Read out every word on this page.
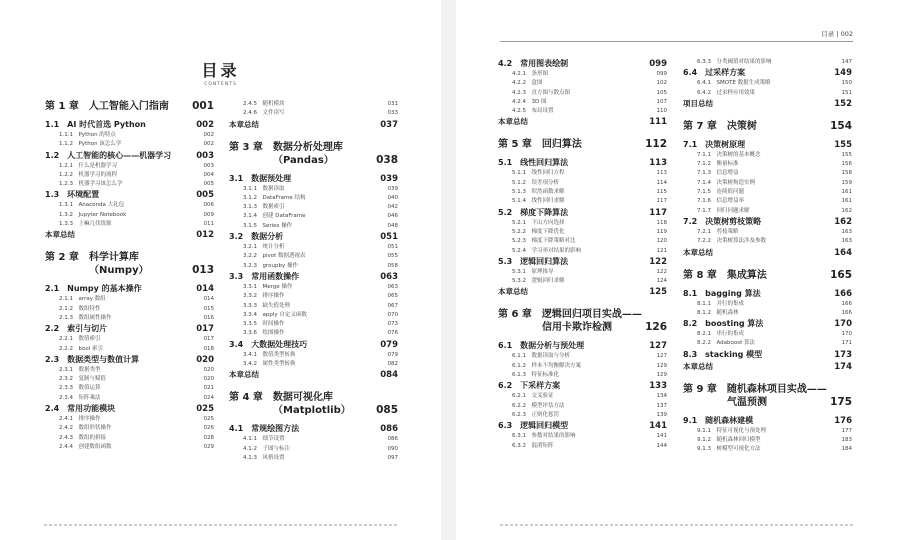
目录
CONTENTS
第 1 章　人工智能入门指南 001
1.1　AI 时代首选 Python	002
1.1.1　Python 的特点	002
1.1.2　Python 该怎么学	002
1.2　人工智能的核心——机器学习	003
1.2.1　什么是机器学习	003
1.2.2　机器学习的流程	004
1.2.3　机器学习该怎么学	005
1.3　环境配置	005
1.3.1　Anaconda 大礼包	006
1.3.2　Jupyter Notebook	009
1.3.3　上嘛几伐资源	011
本章总结	012
第 2 章　科学计算库
（Numpy）	013
2.1　Numpy 的基本操作	014
2.1.1　array 数组	014
2.1.2　数组特性	015
2.1.3　数组属性操作	016
2.2　索引与切片	017
2.2.1　数值索引	017
2.2.2　bool 索引	018
2.3　数据类型与数值计算	020
2.3.1　数据类型	020
2.3.2　复制与赋值	020
2.3.3　数值运算	021
2.3.4　矩阵乘法	024
2.4　常用功能模块	025
2.4.1　排序操作	025
2.4.2　数组形状操作	026
2.4.3　数组的拼接	028
2.4.4　创建数组函数	029
2.4.5　随机模块	031
2.4.6　文件读写	033
本章总结	037
第 3 章　数据分析处理库
（Pandas）	038
3.1　数据预处理	039
3.1.1　数据读取	039
3.1.2　DataFrame 结构	040
3.1.3　数据索引	042
3.1.4　创建 DataFrame	046
3.1.5　Series 操作	048
3.2　数据分析	051
3.2.1　统计分析	051
3.2.2　pivot 数据透视表	055
3.2.3　groupby 操作	058
3.3　常用函数操作	063
3.3.1　Merge 操作	063
3.3.2　排序操作	065
3.3.3　缺失值处理	067
3.3.4　apply 自定义函数	070
3.3.5　时间操作	073
3.3.6　绘图操作	076
3.4　大数据处理技巧	079
3.4.1　数值类型转换	079
3.4.2　属性类型转换	082
本章总结	084
第 4 章　数据可视化库
（Matplotlib） 085
4.1　常规绘图方法	086
4.1.1　细节设置	086
4.1.2　子图与标注	090
4.1.3　风格设置	097
目录 | 002
4.2　常用图表绘制	099
4.2.1　条形图	099
4.2.2　盒图	102
4.2.3　直方图与散点图	105
4.2.4　3D 图	107
4.2.5　布局设置	110
本章总结	111
第 5 章　回归算法	112
5.1　线性回归算法	113
5.1.1　线性回归方程	113
5.1.2　误差项分析	114
5.1.3　似然函数求解	115
5.1.4　线性回归求解	117
5.2　梯度下降算法	117
5.2.1　下山方向选择	118
5.2.2　梯度下降优化	119
5.2.3　梯度下降策略对比	120
5.2.4　学习率对结果的影响	121
5.3　逻辑回归算法	122
5.3.1　原理推导	122
5.3.2　逻辑回归求解	124
本章总结	125
第 6 章　逻辑回归项目实战——
信用卡欺诈检测	126
6.1　数据分析与预处理	127
6.1.1　数据读取与分析	127
6.1.2　样本不均衡解决方案	129
6.1.3　特征标准化	129
6.2　下采样方案	133
6.2.1　交叉验证	134
6.2.2　模型评估方法	137
6.2.3　正则化惩罚	139
6.3　逻辑回归模型	141
6.3.1　参数对结果的影响	141
6.3.2　混淆矩阵	144
6.3.3　分类阈值对结果的影响	147
6.4　过采样方案	149
6.4.1　SMOTE 数据生成策略	150
6.4.2　过采样应用效果	151
项目总结	152
第 7 章　决策树	154
7.1　决策树原理	155
7.1.1　决策树的基本概念	155
7.1.2　衡量标准	156
7.1.3　信息增益	158
7.1.4　决策树构造实例	159
7.1.5　连续值问题	161
7.1.6　信息增益率	161
7.1.7　回归问题求解	162
7.2　决策树剪枝策略	162
7.2.1　剪枝策略	163
7.2.2　决策树算法涉及参数	163
本章总结	164
第 8 章　集成算法	165
8.1　bagging 算法	166
8.1.1　并行的集成	166
8.1.2　随机森林	166
8.2　boosting 算法	170
8.2.1　串行的集成	170
8.2.2　Adaboost 算法	171
8.3　stacking 模型	173
本章总结	174
第 9 章　随机森林项目实战——
气温预测	175
9.1　随机森林建模	176
9.1.1　特征可视化与预处理	177
9.1.2　随机森林回归模型	183
9.1.3　树模型可视化方法	184
